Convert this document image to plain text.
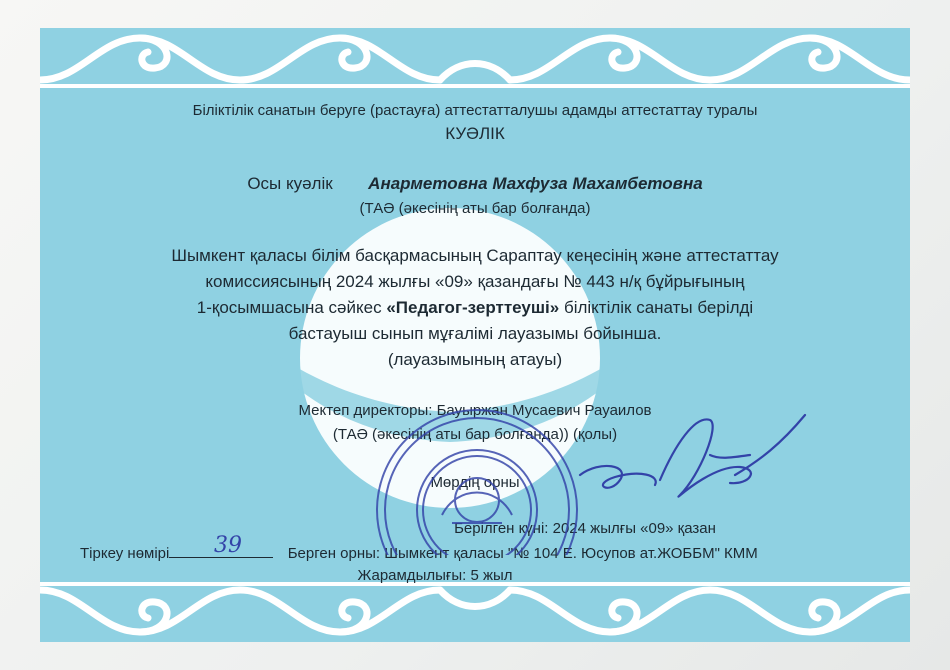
Біліктілік санатын беруге (растауға) аттестатталушы адамды аттестаттау туралы
КУӘЛІК
Осы куәлік Анарметовна Махфуза Махамбетовна
(ТАӘ (әкесінің аты бар болғанда)
Шымкент қаласы білім басқармасының Сараптау кеңесінің және аттестаттау
комиссиясының 2024 жылғы «09» қазандағы № 443 н/қ бұйрығының
1-қосымшасына сәйкес «Педагог-зерттеуші» біліктілік санаты берілді
бастауыш сынып мұғалімі лауазымы бойынша.
(лауазымының атауы)
Мектеп директоры: Бауыржан Мусаевич Рауаилов
(ТАӘ (әкесінің аты бар болғанда)) (қолы)
Мөрдің орны
Берілген күні: 2024 жылғы «09» қазан
Тіркеу нөмірі	Берген орны: Шымкент қаласы "№ 104 Е. Юсупов ат.ЖОББМ" КММ
39
Жарамдылығы: 5 жыл
